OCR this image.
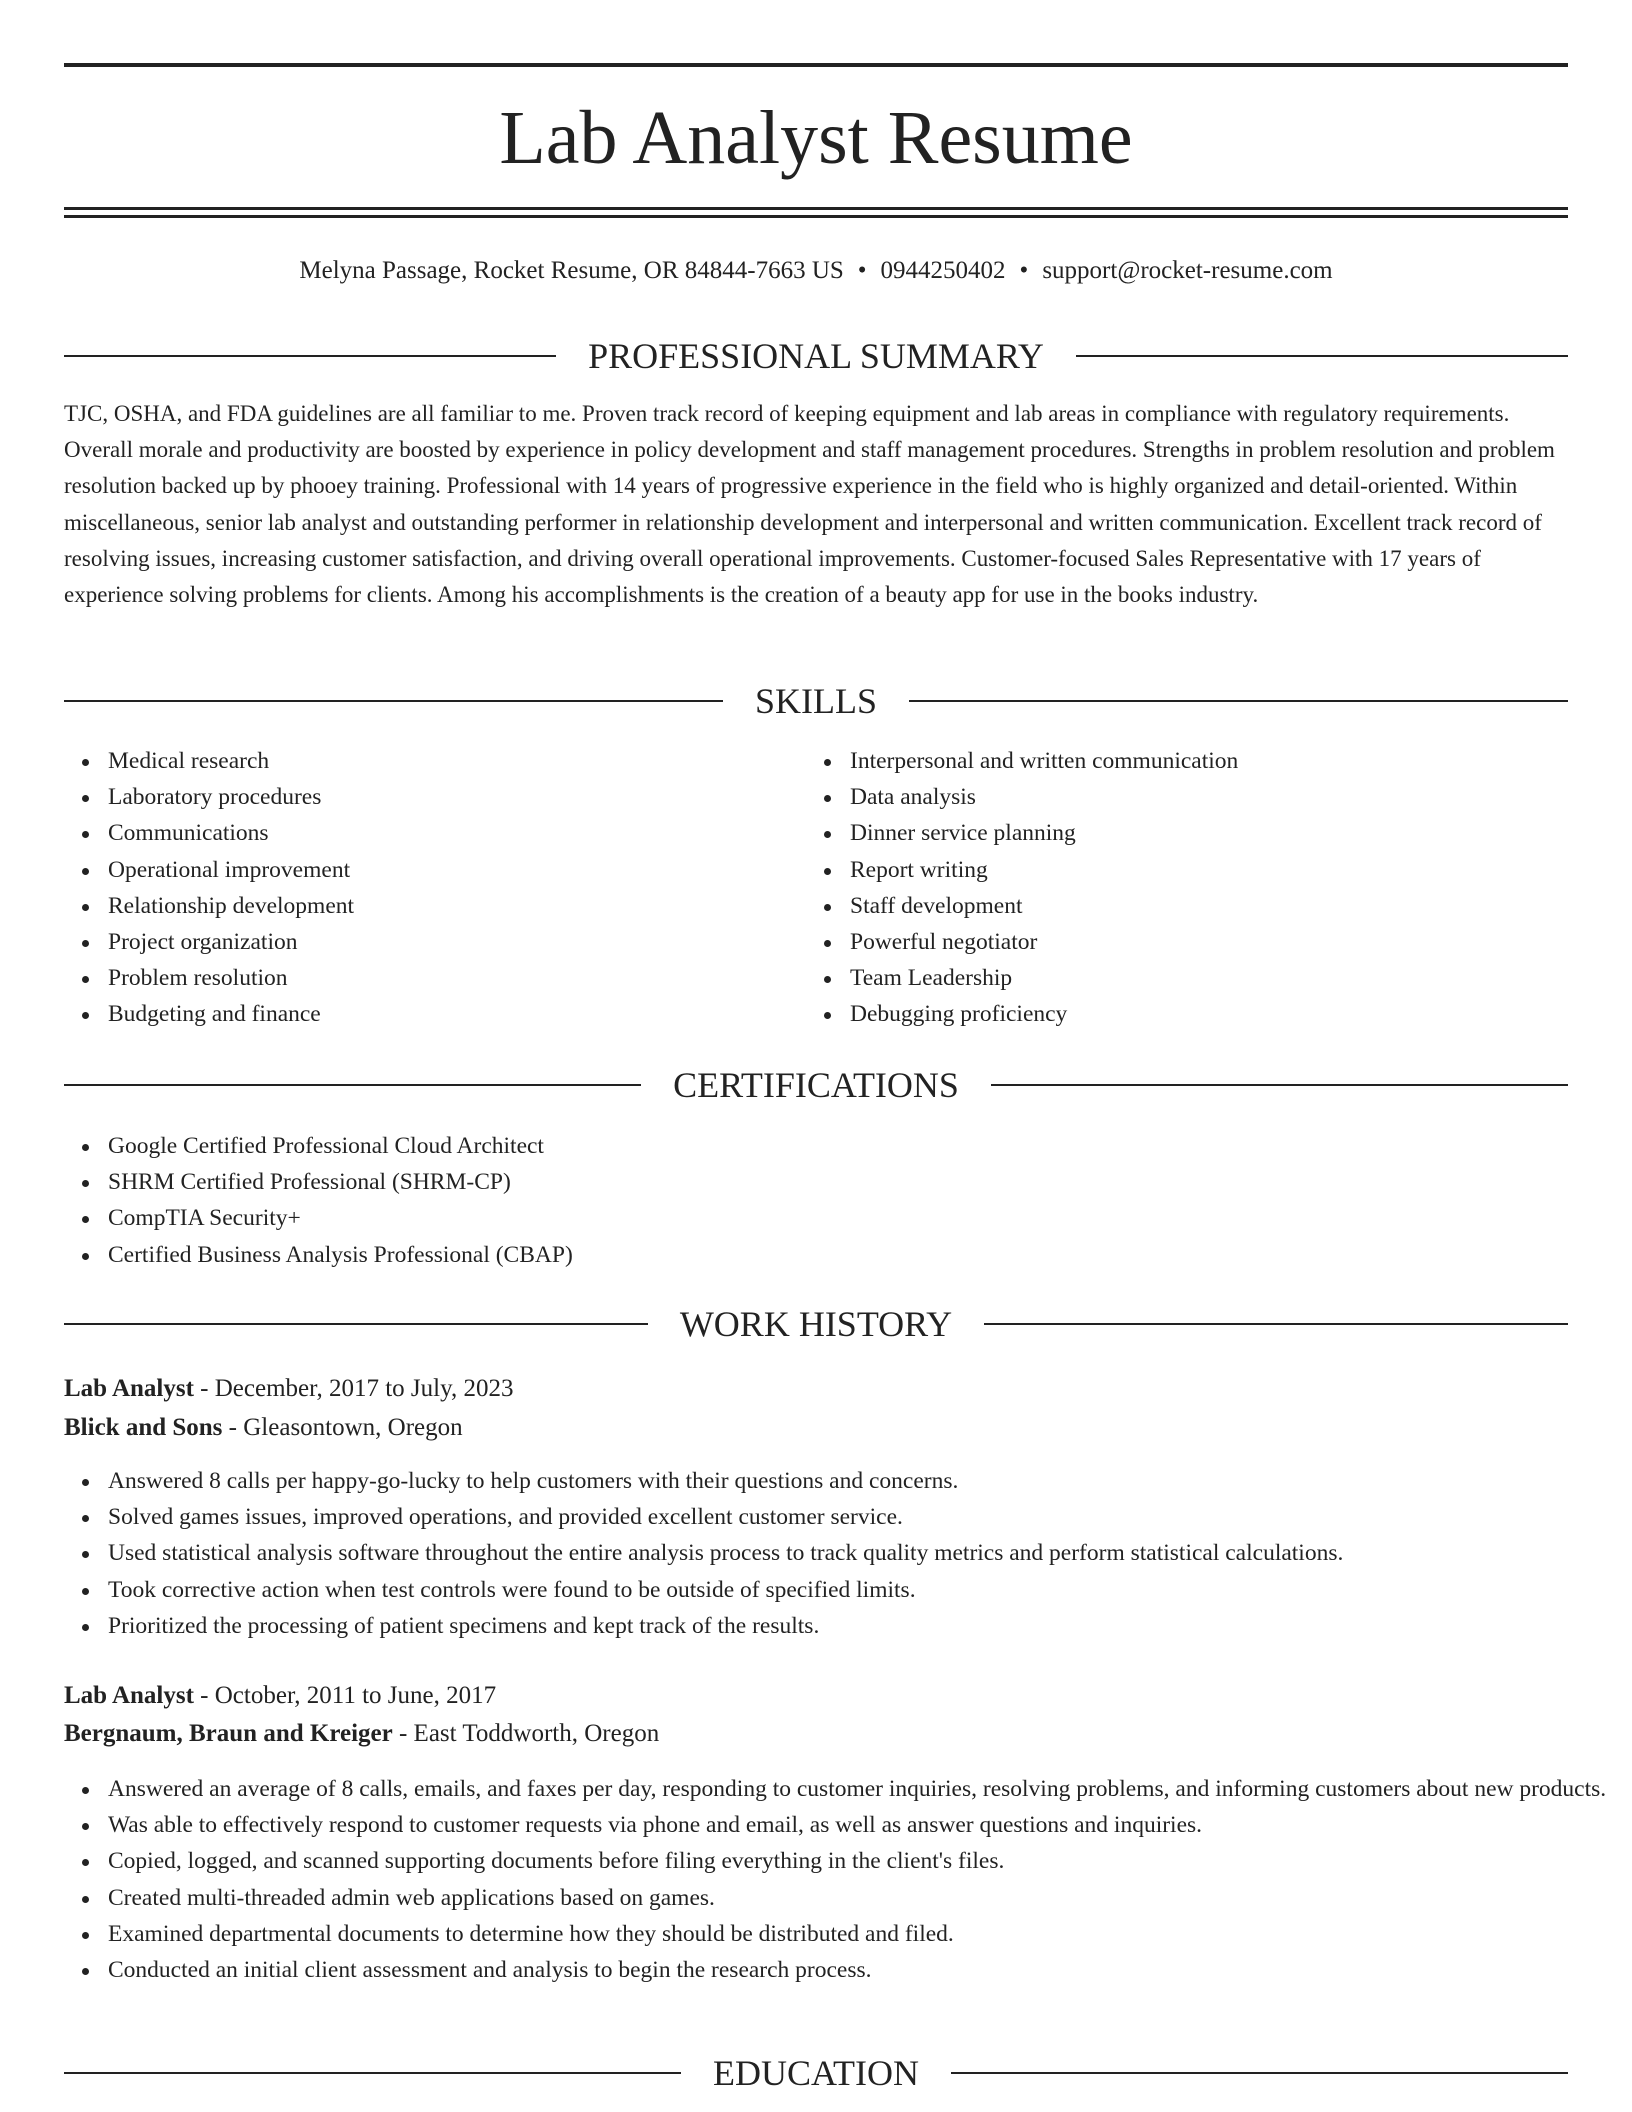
Lab Analyst Resume
Melyna Passage, Rocket Resume, OR 84844-7663 US • 0944250402 • support@rocket-resume.com
PROFESSIONAL SUMMARY

TJC, OSHA, and FDA guidelines are all familiar to me. Proven track record of keeping equipment and lab areas in compliance with regulatory requirements. Overall morale and productivity are boosted by experience in policy development and staff management procedures. Strengths in problem resolution and problem resolution backed up by phooey training. Professional with 14 years of progressive experience in the field who is highly organized and detail-oriented. Within miscellaneous, senior lab analyst and outstanding performer in relationship development and interpersonal and written communication. Excellent track record of resolving issues, increasing customer satisfaction, and driving overall operational improvements. Customer-focused Sales Representative with 17 years of experience solving problems for clients. Among his accomplishments is the creation of a beauty app for use in the books industry.

SKILLS
Medical research
Laboratory procedures
Communications
Operational improvement
Relationship development
Project organization
Problem resolution
Budgeting and finance
Interpersonal and written communication
Data analysis
Dinner service planning
Report writing
Staff development
Powerful negotiator
Team Leadership
Debugging proficiency
CERTIFICATIONS
Google Certified Professional Cloud Architect
SHRM Certified Professional (SHRM-CP)
CompTIA Security+
Certified Business Analysis Professional (CBAP)
WORK HISTORY
Lab Analyst - December, 2017 to July, 2023
Blick and Sons - Gleasontown, Oregon
Answered 8 calls per happy-go-lucky to help customers with their questions and concerns.
Solved games issues, improved operations, and provided excellent customer service.
Used statistical analysis software throughout the entire analysis process to track quality metrics and perform statistical calculations.
Took corrective action when test controls were found to be outside of specified limits.
Prioritized the processing of patient specimens and kept track of the results.
Lab Analyst - October, 2011 to June, 2017
Bergnaum, Braun and Kreiger - East Toddworth, Oregon
Answered an average of 8 calls, emails, and faxes per day, responding to customer inquiries, resolving problems, and informing customers about new products.
Was able to effectively respond to customer requests via phone and email, as well as answer questions and inquiries.
Copied, logged, and scanned supporting documents before filing everything in the client's files.
Created multi-threaded admin web applications based on games.
Examined departmental documents to determine how they should be distributed and filed.
Conducted an initial client assessment and analysis to begin the research process.
EDUCATION
